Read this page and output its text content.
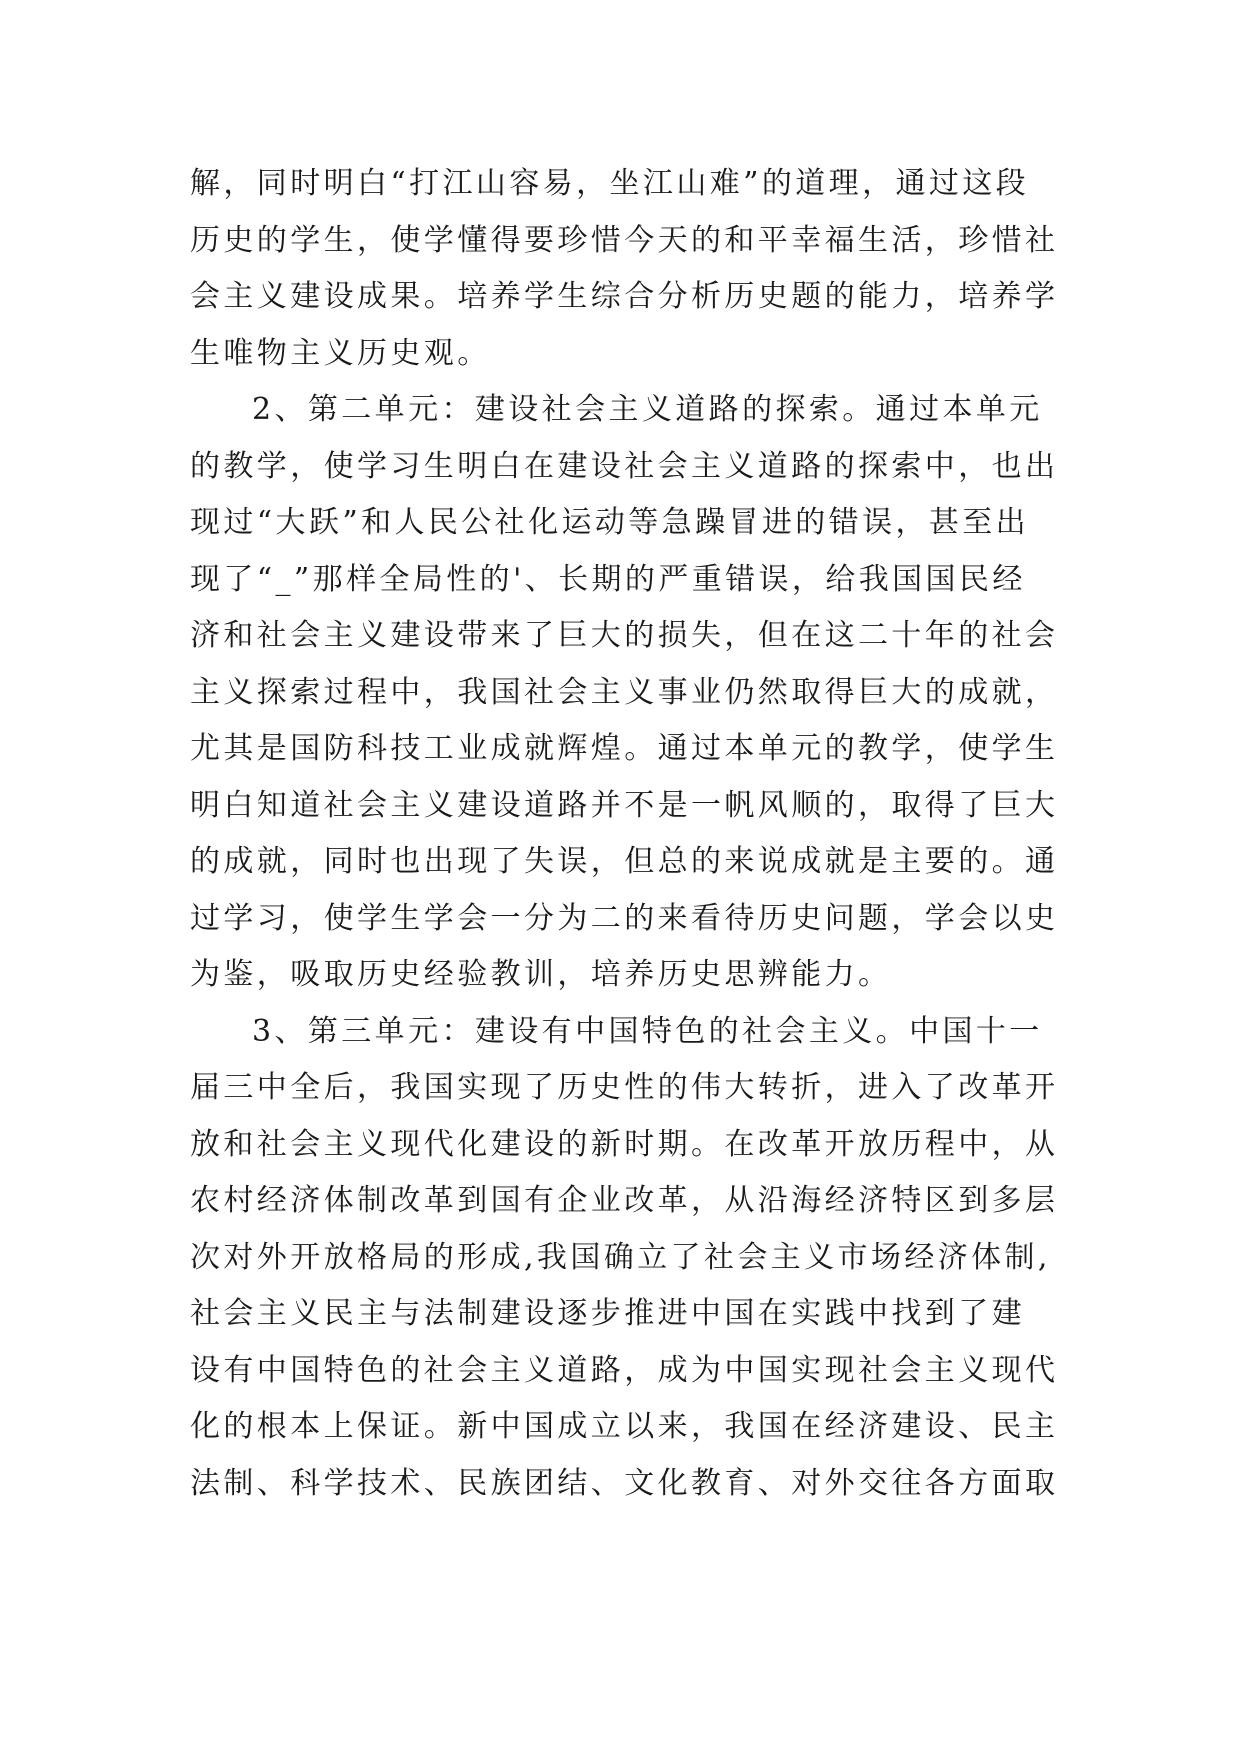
解，同时明白“打江山容易，坐江山难”的道理，通过这段
历史的学生，使学懂得要珍惜今天的和平幸福生活，珍惜社
会主义建设成果。培养学生综合分析历史题的能力，培养学
生唯物主义历史观。
2、第二单元：建设社会主义道路的探索。通过本单元
的教学，使学习生明白在建设社会主义道路的探索中，也出
现过“大跃”和人民公社化运动等急躁冒进的错误，甚至出
现了“_”那样全局性的'、长期的严重错误，给我国国民经
济和社会主义建设带来了巨大的损失，但在这二十年的社会
主义探索过程中，我国社会主义事业仍然取得巨大的成就，
尤其是国防科技工业成就辉煌。通过本单元的教学，使学生
明白知道社会主义建设道路并不是一帆风顺的，取得了巨大
的成就，同时也出现了失误，但总的来说成就是主要的。通
过学习，使学生学会一分为二的来看待历史问题，学会以史
为鉴，吸取历史经验教训，培养历史思辨能力。
3、第三单元：建设有中国特色的社会主义。中国十一
届三中全后，我国实现了历史性的伟大转折，进入了改革开
放和社会主义现代化建设的新时期。在改革开放历程中，从
农村经济体制改革到国有企业改革，从沿海经济特区到多层
次对外开放格局的形成,我国确立了社会主义市场经济体制,
社会主义民主与法制建设逐步推进中国在实践中找到了建
设有中国特色的社会主义道路，成为中国实现社会主义现代
化的根本上保证。新中国成立以来，我国在经济建设、民主
法制、科学技术、民族团结、文化教育、对外交往各方面取
